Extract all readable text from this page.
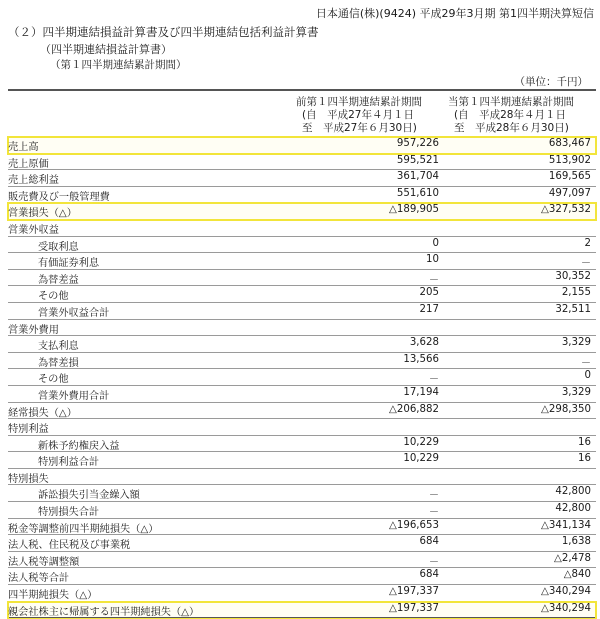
日本通信(株)(9424) 平成29年3月期 第1四半期決算短信
（２）四半期連結損益計算書及び四半期連結包括利益計算書
（四半期連結損益計算書）
（第１四半期連結累計期間）
（単位：千円）
前第１四半期連結累計期間
(自　平成27年４月１日
至　平成27年６月30日)
当第１四半期連結累計期間
(自　平成28年４月１日
至　平成28年６月30日)
売上高	957,226	683,467
売上原価	595,521	513,902
売上総利益	361,704	169,565
販売費及び一般管理費	551,610	497,097
営業損失（△）	△189,905	△327,532
営業外収益
受取利息	0	2
有価証券利息	10	－
為替差益	－	30,352
その他	205	2,155
営業外収益合計	217	32,511
営業外費用
支払利息	3,628	3,329
為替差損	13,566	－
その他	－	0
営業外費用合計	17,194	3,329
経常損失（△）	△206,882	△298,350
特別利益
新株予約権戻入益	10,229	16
特別利益合計	10,229	16
特別損失
訴訟損失引当金繰入額	－	42,800
特別損失合計	－	42,800
税金等調整前四半期純損失（△）	△196,653	△341,134
法人税、住民税及び事業税	684	1,638
法人税等調整額	－	△2,478
法人税等合計	684	△840
四半期純損失（△）	△197,337	△340,294
親会社株主に帰属する四半期純損失（△）	△197,337	△340,294
